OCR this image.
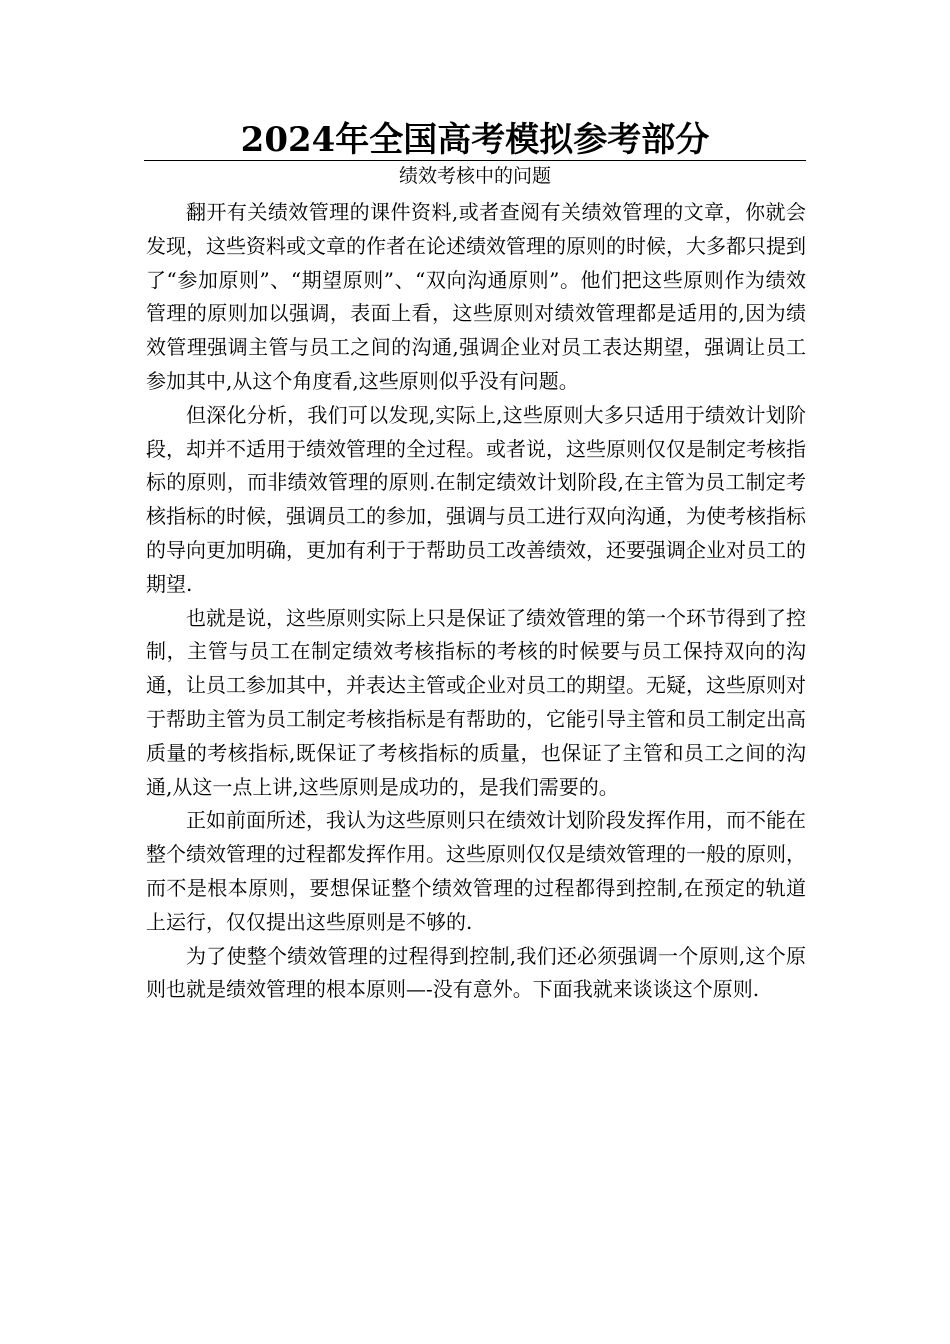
2024年全国高考模拟参考部分
绩效考核中的问题

翻开有关绩效管理的课件资料,或者查阅有关绩效管理的文章，你就会发现，这些资料或文章的作者在论述绩效管理的原则的时候，大多都只提到了“参加原则”、“期望原则”、“双向沟通原则”。他们把这些原则作为绩效管理的原则加以强调，表面上看，这些原则对绩效管理都是适用的,因为绩效管理强调主管与员工之间的沟通,强调企业对员工表达期望，强调让员工参加其中,从这个角度看,这些原则似乎没有问题。

但深化分析，我们可以发现,实际上,这些原则大多只适用于绩效计划阶段，却并不适用于绩效管理的全过程。或者说，这些原则仅仅是制定考核指标的原则，而非绩效管理的原则.在制定绩效计划阶段,在主管为员工制定考核指标的时候，强调员工的参加，强调与员工进行双向沟通，为使考核指标的导向更加明确，更加有利于于帮助员工改善绩效，还要强调企业对员工的期望.

也就是说，这些原则实际上只是保证了绩效管理的第一个环节得到了控制，主管与员工在制定绩效考核指标的考核的时候要与员工保持双向的沟通，让员工参加其中，并表达主管或企业对员工的期望。无疑，这些原则对于帮助主管为员工制定考核指标是有帮助的，它能引导主管和员工制定出高质量的考核指标,既保证了考核指标的质量，也保证了主管和员工之间的沟通,从这一点上讲,这些原则是成功的，是我们需要的。

正如前面所述，我认为这些原则只在绩效计划阶段发挥作用，而不能在整个绩效管理的过程都发挥作用。这些原则仅仅是绩效管理的一般的原则，而不是根本原则，要想保证整个绩效管理的过程都得到控制,在预定的轨道上运行，仅仅提出这些原则是不够的.

为了使整个绩效管理的过程得到控制,我们还必须强调一个原则,这个原则也就是绩效管理的根本原则—-没有意外。下面我就来谈谈这个原则.
